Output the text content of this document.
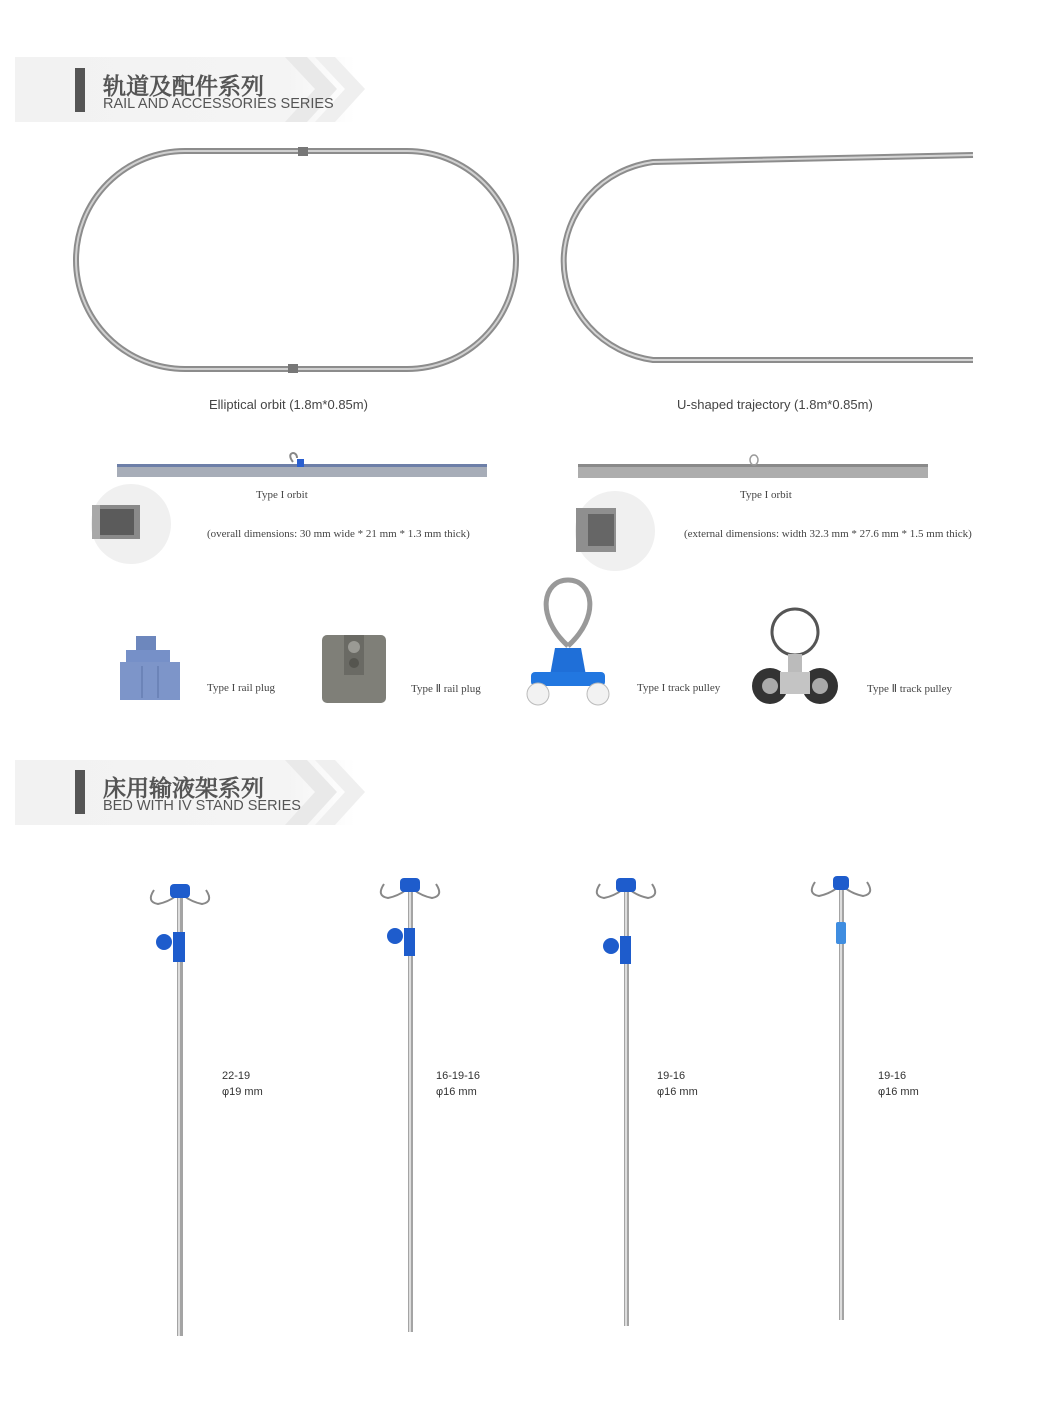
轨道及配件系列
RAIL AND ACCESSORIES SERIES
Elliptical orbit (1.8m*0.85m)	U-shaped trajectory (1.8m*0.85m)
Type I orbit
(overall dimensions: 30 mm wide * 21 mm * 1.3 mm thick)
Type I orbit
(external dimensions: width 32.3 mm * 27.6 mm * 1.5 mm thick)
Type I rail plug	Type Ⅱ rail plug	Type I track pulley	Type Ⅱ track pulley
床用输液架系列
BED WITH IV STAND SERIES
22-19
φ19 mm
16-19-16
φ16 mm
19-16
φ16 mm
19-16
φ16 mm
